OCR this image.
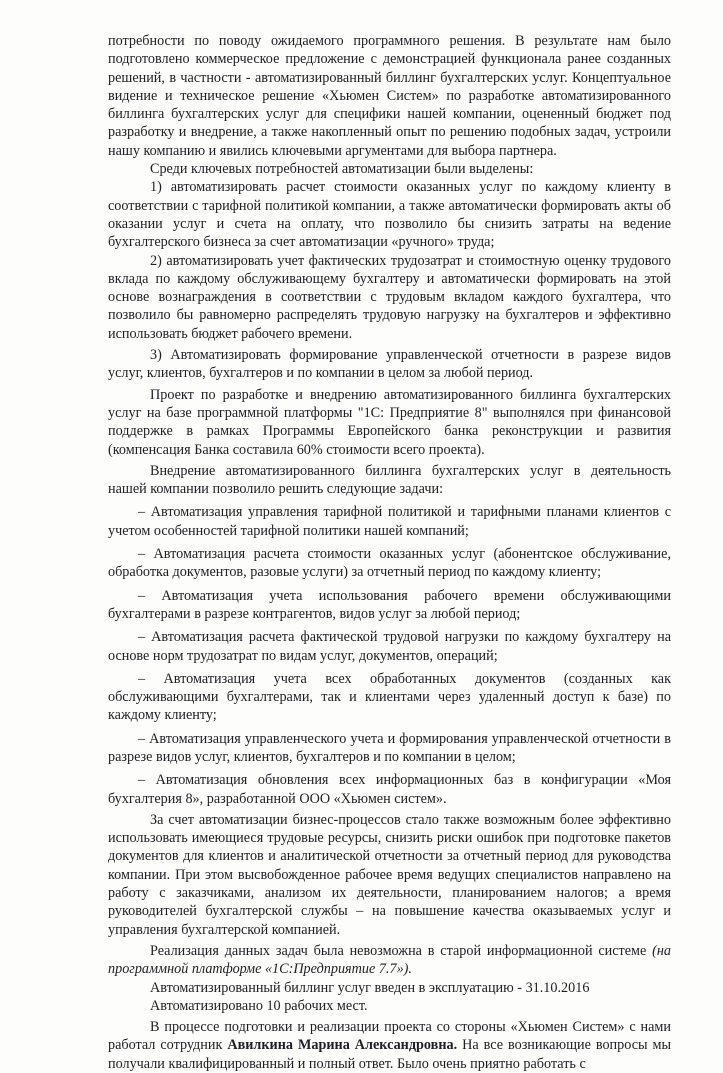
потребности по поводу ожидаемого программного решения. В результате нам было подготовлено коммерческое предложение с демонстрацией функционала ранее созданных решений, в частности - автоматизированный биллинг бухгалтерских услуг. Концептуальное видение и техническое решение «Хьюмен Систем» по разработке автоматизированного биллинга бухгалтерских услуг для специфики нашей компании, оцененный бюджет под разработку и внедрение, а также накопленный опыт по решению подобных задач, устроили нашу компанию и явились ключевыми аргументами для выбора партнера.

Среди ключевых потребностей автоматизации были выделены:

1) автоматизировать расчет стоимости оказанных услуг по каждому клиенту в соответствии с тарифной политикой компании, а также автоматически формировать акты об оказании услуг и счета на оплату, что позволило бы снизить затраты на ведение бухгалтерского бизнеса за счет автоматизации «ручного» труда;

2) автоматизировать учет фактических трудозатрат и стоимостную оценку трудового вклада по каждому обслуживающему бухгалтеру и автоматически формировать на этой основе вознаграждения в соответствии с трудовым вкладом каждого бухгалтера, что позволило бы равномерно распределять трудовую нагрузку на бухгалтеров и эффективно использовать бюджет рабочего времени.

3) Автоматизировать формирование управленческой отчетности в разрезе видов услуг, клиентов, бухгалтеров и по компании в целом за любой период.

Проект по разработке и внедрению автоматизированного биллинга бухгалтерских услуг на базе программной платформы "1С: Предприятие 8" выполнялся при финансовой поддержке в рамках Программы Европейского банка реконструкции и развития (компенсация Банка составила 60% стоимости всего проекта).

Внедрение автоматизированного биллинга бухгалтерских услуг в деятельность нашей компании позволило решить следующие задачи:

– Автоматизация управления тарифной политикой и тарифными планами клиентов с учетом особенностей тарифной политики нашей компаний;

– Автоматизация расчета стоимости оказанных услуг (абонентское обслуживание, обработка документов, разовые услуги) за отчетный период по каждому клиенту;

– Автоматизация учета использования рабочего времени обслуживающими бухгалтерами в разрезе контрагентов, видов услуг за любой период;

– Автоматизация расчета фактической трудовой нагрузки по каждому бухгалтеру на основе норм трудозатрат по видам услуг, документов, операций;

– Автоматизация учета всех обработанных документов (созданных как обслуживающими бухгалтерами, так и клиентами через удаленный доступ к базе) по каждому клиенту;

– Автоматизация управленческого учета и формирования управленческой отчетности в разрезе видов услуг, клиентов, бухгалтеров и по компании в целом;

– Автоматизация обновления всех информационных баз в конфигурации «Моя бухгалтерия 8», разработанной ООО «Хьюмен систем».

За счет автоматизации бизнес-процессов стало также возможным более эффективно использовать имеющиеся трудовые ресурсы, снизить риски ошибок при подготовке пакетов документов для клиентов и аналитической отчетности за отчетный период для руководства компании. При этом высвобожденное рабочее время ведущих специалистов направлено на работу с заказчиками, анализом их деятельности, планированием налогов; а время руководителей бухгалтерской службы – на повышение качества оказываемых услуг и управления бухгалтерской компанией.

Реализация данных задач была невозможна в старой информационной системе (на программной платформе «1С:Предприятие 7.7»).

Автоматизированный биллинг услуг введен в эксплуатацию - 31.10.2016

Автоматизировано 10 рабочих мест.

В процессе подготовки и реализации проекта со стороны «Хьюмен Систем» с нами работал сотрудник Авилкина Марина Александровна. На все возникающие вопросы мы получали квалифицированный и полный ответ. Было очень приятно работать с
